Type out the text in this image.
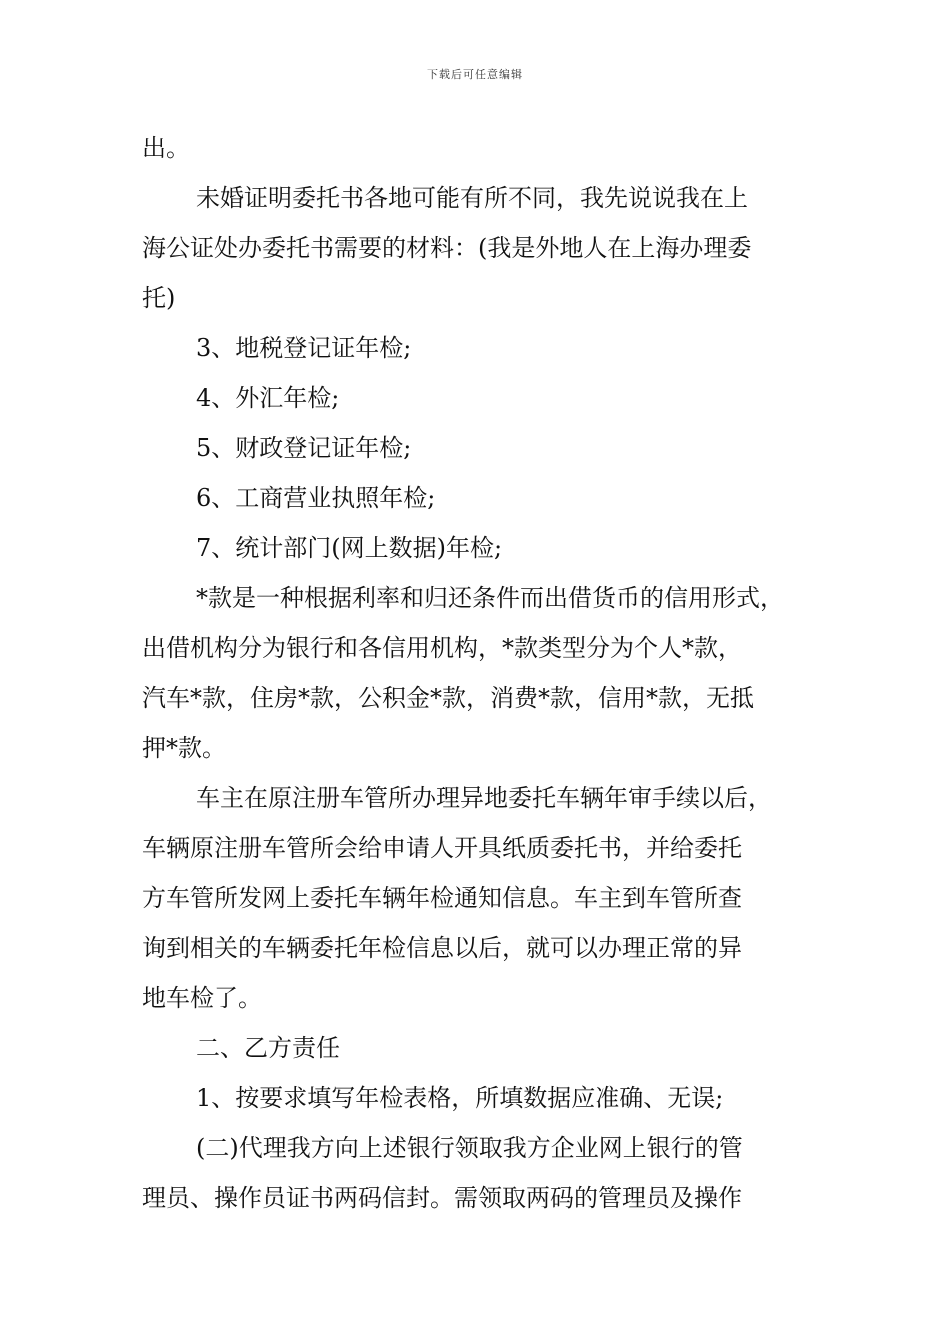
下载后可任意编辑
出。
未婚证明委托书各地可能有所不同，我先说说我在上
海公证处办委托书需要的材料：(我是外地人在上海办理委
托)
3、地税登记证年检;
4、外汇年检;
5、财政登记证年检;
6、工商营业执照年检;
7、统计部门(网上数据)年检;
*款是一种根据利率和归还条件而出借货币的信用形式，
出借机构分为银行和各信用机构，*款类型分为个人*款，
汽车*款，住房*款，公积金*款，消费*款，信用*款，无抵
押*款。
车主在原注册车管所办理异地委托车辆年审手续以后，
车辆原注册车管所会给申请人开具纸质委托书，并给委托
方车管所发网上委托车辆年检通知信息。车主到车管所查
询到相关的车辆委托年检信息以后，就可以办理正常的异
地车检了。
二、乙方责任
1、按要求填写年检表格，所填数据应准确、无误;
(二)代理我方向上述银行领取我方企业网上银行的管
理员、操作员证书两码信封。需领取两码的管理员及操作
